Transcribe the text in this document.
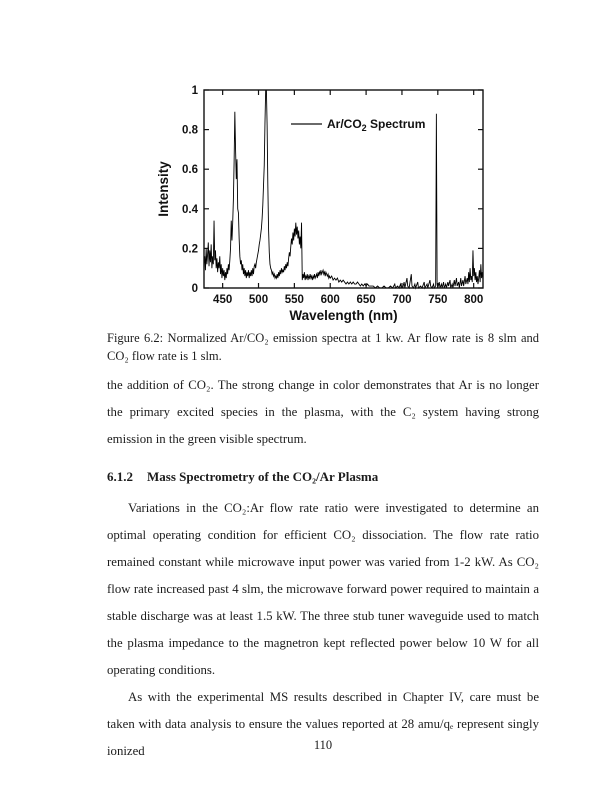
450 500 550 600 650 700 750 800
0
0.2
0.4
0.6
0.8
1
Wavelength (nm)
Intensity
$Ar/CO_2$ Spectrum
Figure 6.2: Normalized Ar/CO₂ emission spectra at 1 kw. Ar flow rate is 8 slm and CO₂ flow rate is 1 slm.

the addition of CO₂. The strong change in color demonstrates that Ar is no longer the primary excited species in the plasma, with the C₂ system having strong emission in the green visible spectrum.

6.1.2 Mass Spectrometry of the CO₂/Ar Plasma

Variations in the CO₂:Ar flow rate ratio were investigated to determine an optimal operating condition for efficient CO₂ dissociation. The flow rate ratio remained constant while microwave input power was varied from 1-2 kW. As CO₂ flow rate increased past 4 slm, the microwave forward power required to maintain a stable discharge was at least 1.5 kW. The three stub tuner waveguide used to match the plasma impedance to the magnetron kept reflected power below 10 W for all operating conditions.

As with the experimental MS results described in Chapter IV, care must be taken with data analysis to ensure the values reported at 28 amu/qₑ represent singly ionized	110
